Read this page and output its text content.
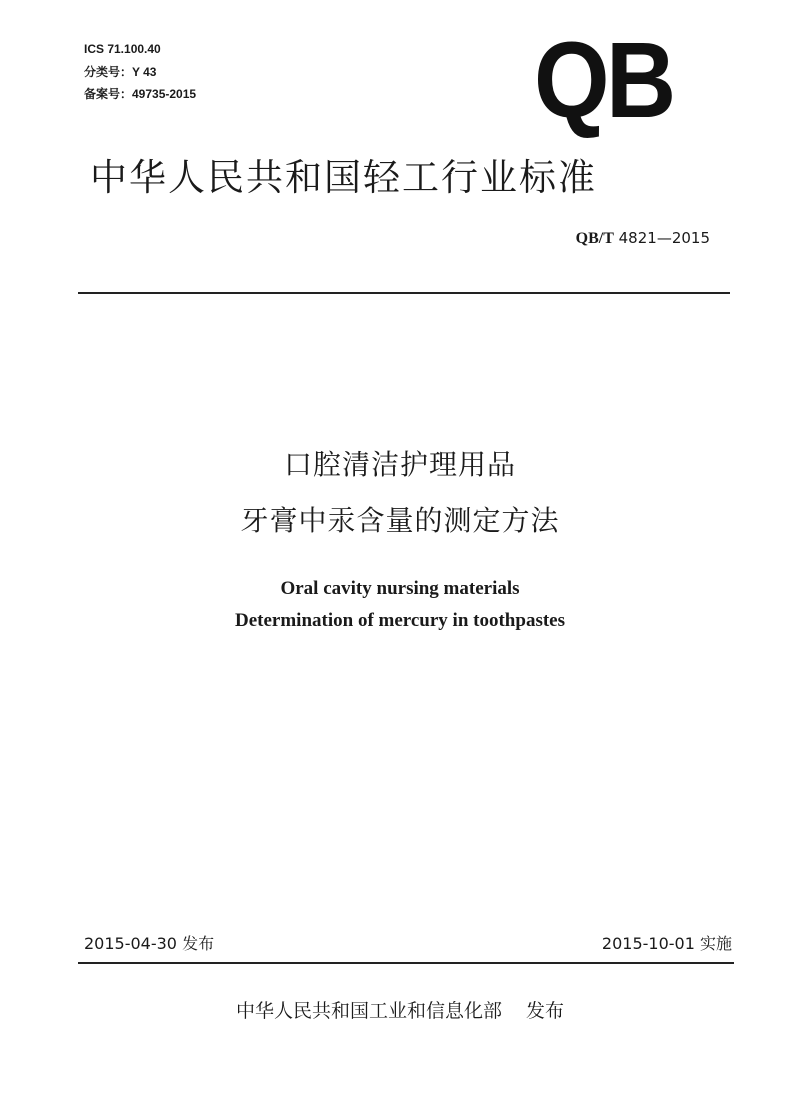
ICS 71.100.40
分类号：Y 43
备案号：49735-2015	QB
中华人民共和国轻工行业标准
QB/T 4821—2015
口腔清洁护理用品
牙膏中汞含量的测定方法
Oral cavity nursing materials
Determination of mercury in toothpastes
2015-04-30 发布	2015-10-01 实施
中华人民共和国工业和信息化部 发布
